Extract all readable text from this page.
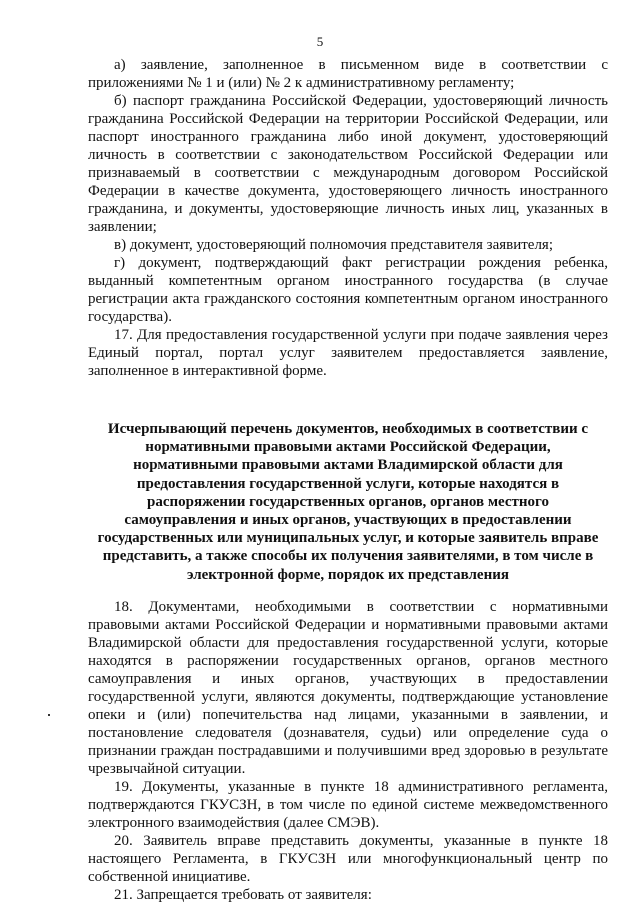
5

а) заявление, заполненное в письменном виде в соответствии с приложениями № 1 и (или) № 2 к административному регламенту;

б) паспорт гражданина Российской Федерации, удостоверяющий личность гражданина Российской Федерации на территории Российской Федерации, или паспорт иностранного гражданина либо иной документ, удостоверяющий личность в соответствии с законодательством Российской Федерации или признаваемый в соответствии с международным договором Российской Федерации в качестве документа, удостоверяющего личность иностранного гражданина, и документы, удостоверяющие личность иных лиц, указанных в заявлении;

в) документ, удостоверяющий полномочия представителя заявителя;

г) документ, подтверждающий факт регистрации рождения ребенка, выданный компетентным органом иностранного государства (в случае регистрации акта гражданского состояния компетентным органом иностранного государства).

17. Для предоставления государственной услуги при подаче заявления через Единый портал, портал услуг заявителем предоставляется заявление, заполненное в интерактивной форме.

Исчерпывающий перечень документов, необходимых в соответствии с нормативными правовыми актами Российской Федерации, нормативными правовыми актами Владимирской области для предоставления государственной услуги, которые находятся в распоряжении государственных органов, органов местного самоуправления и иных органов, участвующих в предоставлении государственных или муниципальных услуг, и которые заявитель вправе представить, а также способы их получения заявителями, в том числе в электронной форме, порядок их представления

18. Документами, необходимыми в соответствии с нормативными правовыми актами Российской Федерации и нормативными правовыми актами Владимирской области для предоставления государственной услуги, которые находятся в распоряжении государственных органов, органов местного самоуправления и иных органов, участвующих в предоставлении государственной услуги, являются документы, подтверждающие установление опеки и (или) попечительства над лицами, указанными в заявлении, и постановление следователя (дознавателя, судьи) или определение суда о признании граждан пострадавшими и получившими вред здоровью в результате чрезвычайной ситуации.

19. Документы, указанные в пункте 18 административного регламента, подтверждаются ГКУСЗН, в том числе по единой системе межведомственного электронного взаимодействия (далее СМЭВ).

20. Заявитель вправе представить документы, указанные в пункте 18 настоящего Регламента, в ГКУСЗН или многофункциональный центр по собственной инициативе.

21. Запрещается требовать от заявителя:
